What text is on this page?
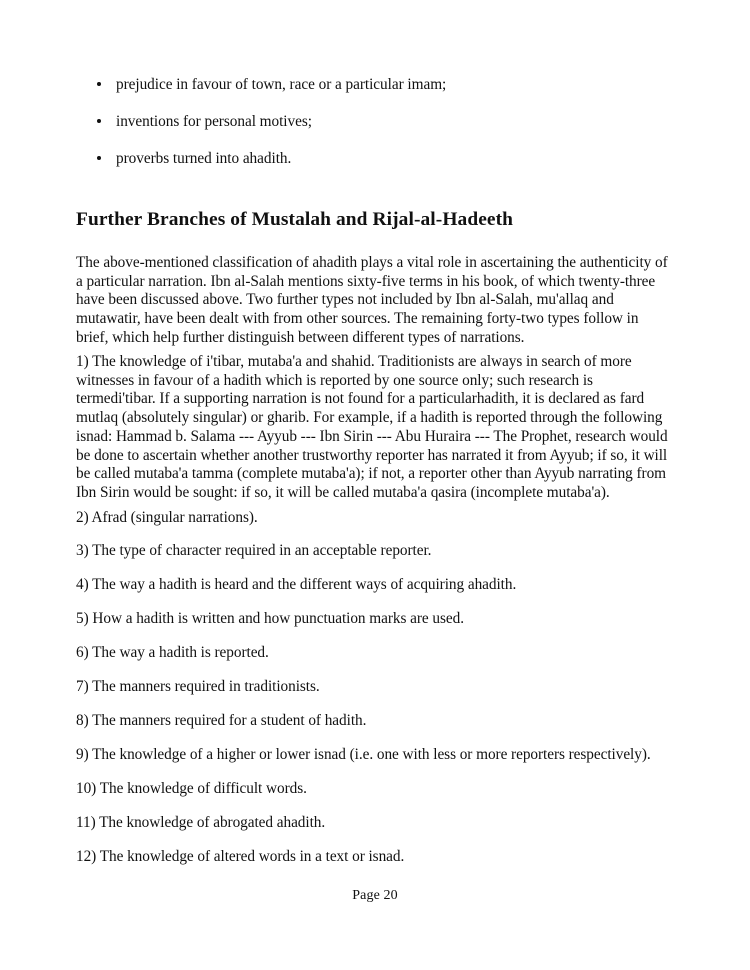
prejudice in favour of town, race or a particular imam;
inventions for personal motives;
proverbs turned into ahadith.
Further Branches of Mustalah and Rijal-al-Hadeeth
The above-mentioned classification of ahadith plays a vital role in ascertaining the authenticity of a particular narration. Ibn al-Salah mentions sixty-five terms in his book, of which twenty-three have been discussed above. Two further types not included by Ibn al-Salah, mu'allaq and mutawatir, have been dealt with from other sources. The remaining forty-two types follow in brief, which help further distinguish between different types of narrations.
1) The knowledge of i'tibar, mutaba'a and shahid. Traditionists are always in search of more witnesses in favour of a hadith which is reported by one source only; such research is termedi'tibar. If a supporting narration is not found for a particularhadith, it is declared as fard mutlaq (absolutely singular) or gharib. For example, if a hadith is reported through the following isnad: Hammad b. Salama --- Ayyub --- Ibn Sirin --- Abu Huraira --- The Prophet, research would be done to ascertain whether another trustworthy reporter has narrated it from Ayyub; if so, it will be called mutaba'a tamma (complete mutaba'a); if not, a reporter other than Ayyub narrating from Ibn Sirin would be sought: if so, it will be called mutaba'a qasira (incomplete mutaba'a).
2) Afrad (singular narrations).
3) The type of character required in an acceptable reporter.
4) The way a hadith is heard and the different ways of acquiring ahadith.
5) How a hadith is written and how punctuation marks are used.
6) The way a hadith is reported.
7) The manners required in traditionists.
8) The manners required for a student of hadith.
9) The knowledge of a higher or lower isnad (i.e. one with less or more reporters respectively).
10) The knowledge of difficult words.
11) The knowledge of abrogated ahadith.
12) The knowledge of altered words in a text or isnad.
Page 20
